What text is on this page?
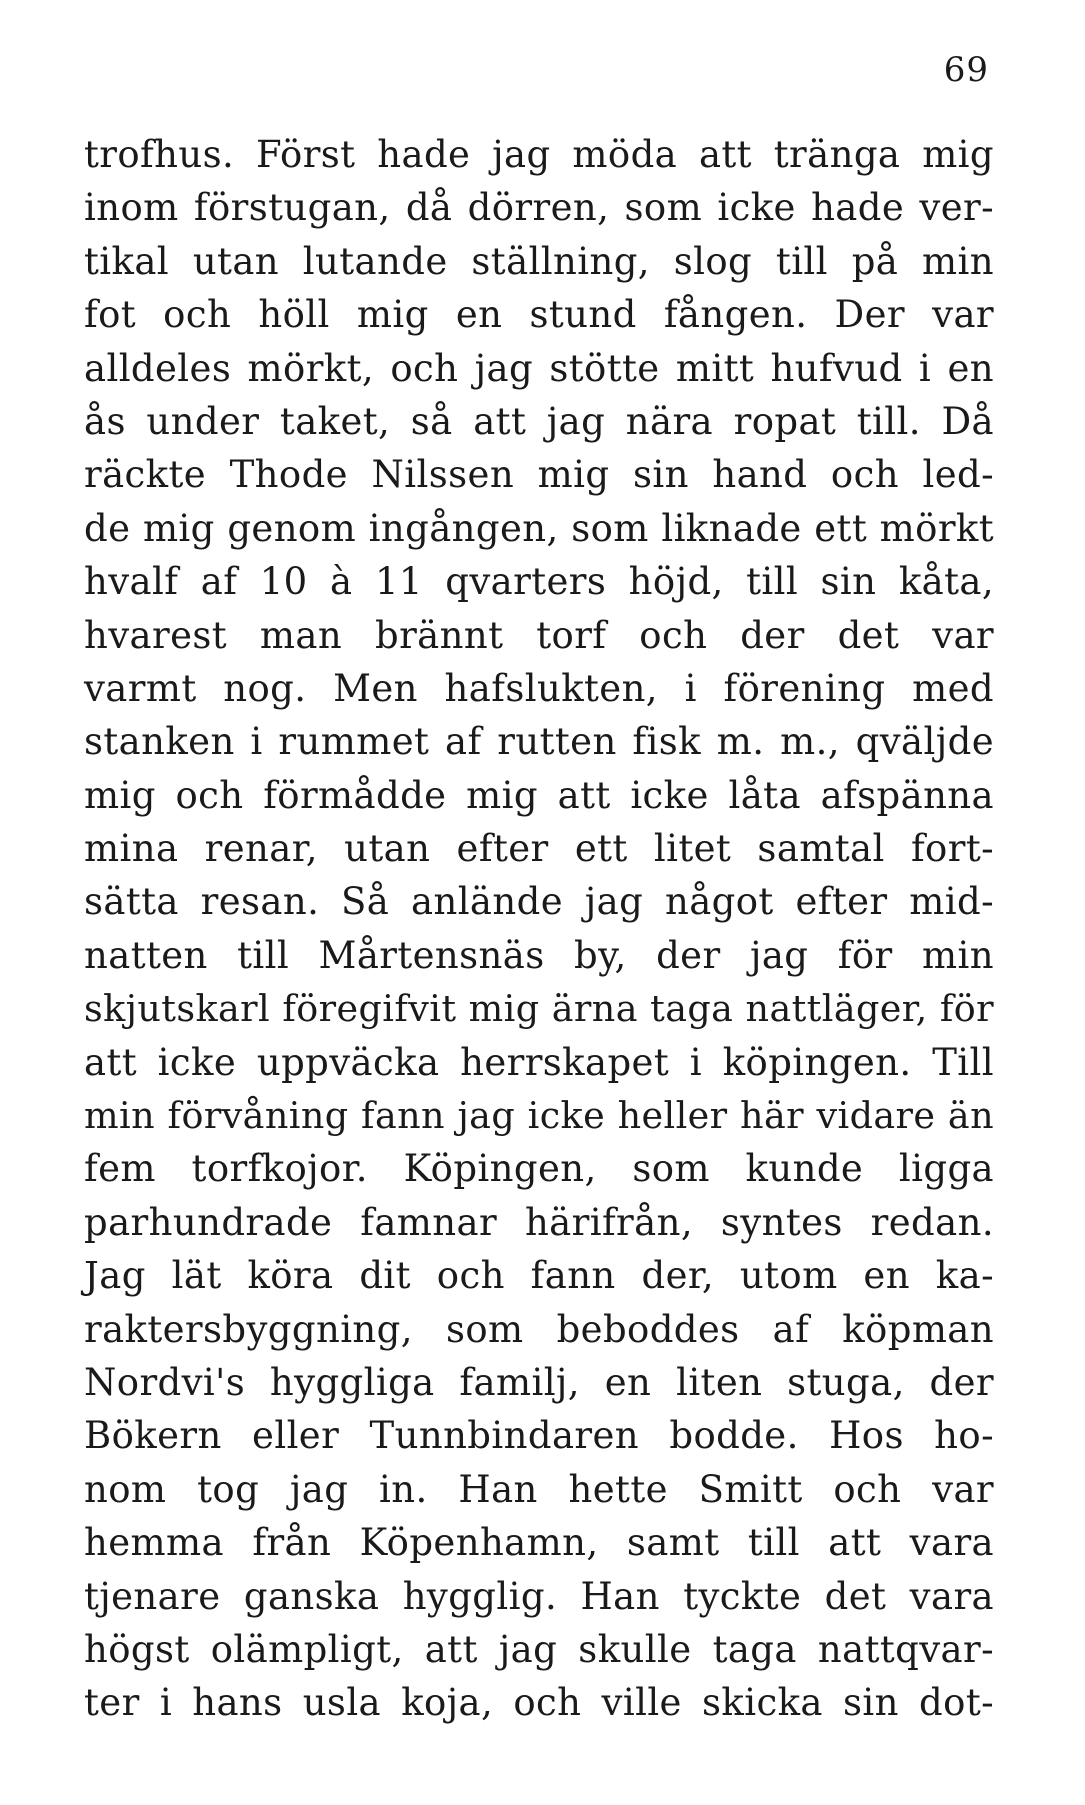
69
trofhus. Först hade jag möda att tränga mig
inom förstugan, då dörren, som icke hade ver-
tikal utan lutande ställning, slog till på min
fot och höll mig en stund fången. Der var
alldeles mörkt, och jag stötte mitt hufvud i en
ås under taket, så att jag nära ropat till. Då
räckte Thode Nilssen mig sin hand och led-
de mig genom ingången, som liknade ett mörkt
hvalf af 10 à 11 qvarters höjd, till sin kåta,
hvarest man brännt torf och der det var
varmt nog. Men hafslukten, i förening med
stanken i rummet af rutten fisk m. m., qväljde
mig och förmådde mig att icke låta afspänna
mina renar, utan efter ett litet samtal fort-
sätta resan. Så anlände jag något efter mid-
natten till Mårtensnäs by, der jag för min
skjutskarl föregifvit mig ärna taga nattläger, för
att icke uppväcka herrskapet i köpingen. Till
min förvåning fann jag icke heller här vidare än
fem torfkojor. Köpingen, som kunde ligga
parhundrade famnar härifrån, syntes redan.
Jag lät köra dit och fann der, utom en ka-
raktersbyggning, som beboddes af köpman
Nordvi's hyggliga familj, en liten stuga, der
Bökern eller Tunnbindaren bodde. Hos ho-
nom tog jag in. Han hette Smitt och var
hemma från Köpenhamn, samt till att vara
tjenare ganska hygglig. Han tyckte det vara
högst olämpligt, att jag skulle taga nattqvar-
ter i hans usla koja, och ville skicka sin dot-
